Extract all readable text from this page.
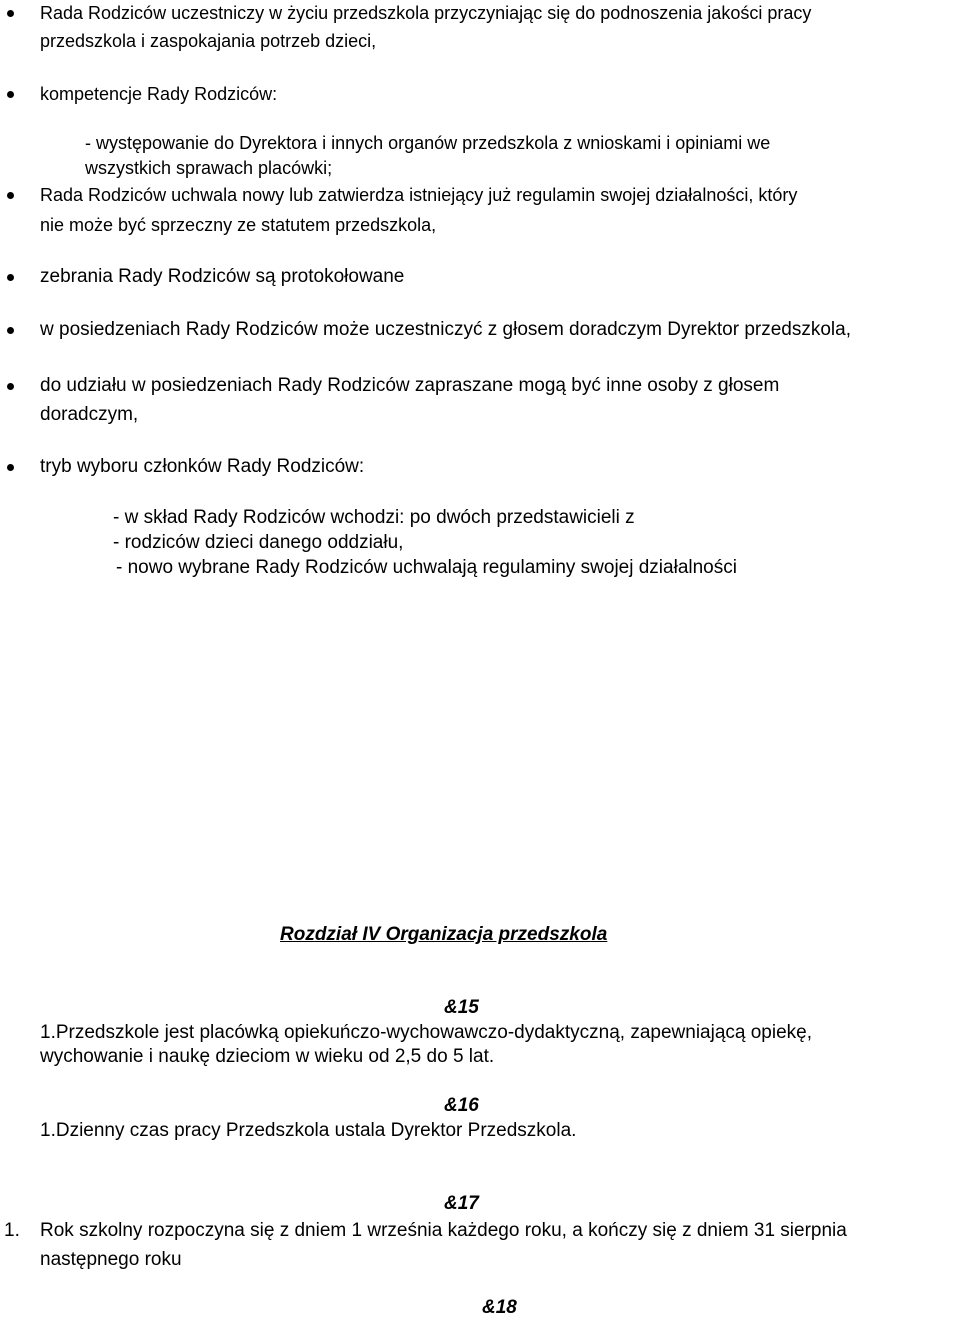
Rada Rodziców uczestniczy w życiu przedszkola przyczyniając się do podnoszenia jakości pracy
przedszkola i zaspokajania potrzeb dzieci,
kompetencje Rady Rodziców:
- występowanie do Dyrektora i innych organów przedszkola z wnioskami i opiniami we
wszystkich sprawach placówki;
Rada Rodziców uchwala nowy lub zatwierdza istniejący już regulamin swojej działalności, który
nie może być sprzeczny ze statutem przedszkola,
zebrania Rady Rodziców są protokołowane
w posiedzeniach Rady Rodziców może uczestniczyć z głosem doradczym Dyrektor przedszkola,
do udziału w posiedzeniach Rady Rodziców zapraszane mogą być inne osoby z głosem
doradczym,
tryb wyboru członków Rady Rodziców:
- w skład Rady Rodziców wchodzi: po dwóch przedstawicieli z
- rodziców dzieci danego oddziału,
- nowo wybrane Rady Rodziców uchwalają regulaminy swojej działalności
Rozdział IV Organizacja przedszkola
&15
1.Przedszkole jest placówką opiekuńczo-wychowawczo-dydaktyczną, zapewniającą opiekę,
wychowanie i naukę dzieciom w wieku od 2,5 do 5 lat.
&16
1.Dzienny czas pracy Przedszkola ustala Dyrektor Przedszkola.
&17
1. Rok szkolny rozpoczyna się z dniem 1 września każdego roku, a kończy się z dniem 31 sierpnia
następnego roku
&18
